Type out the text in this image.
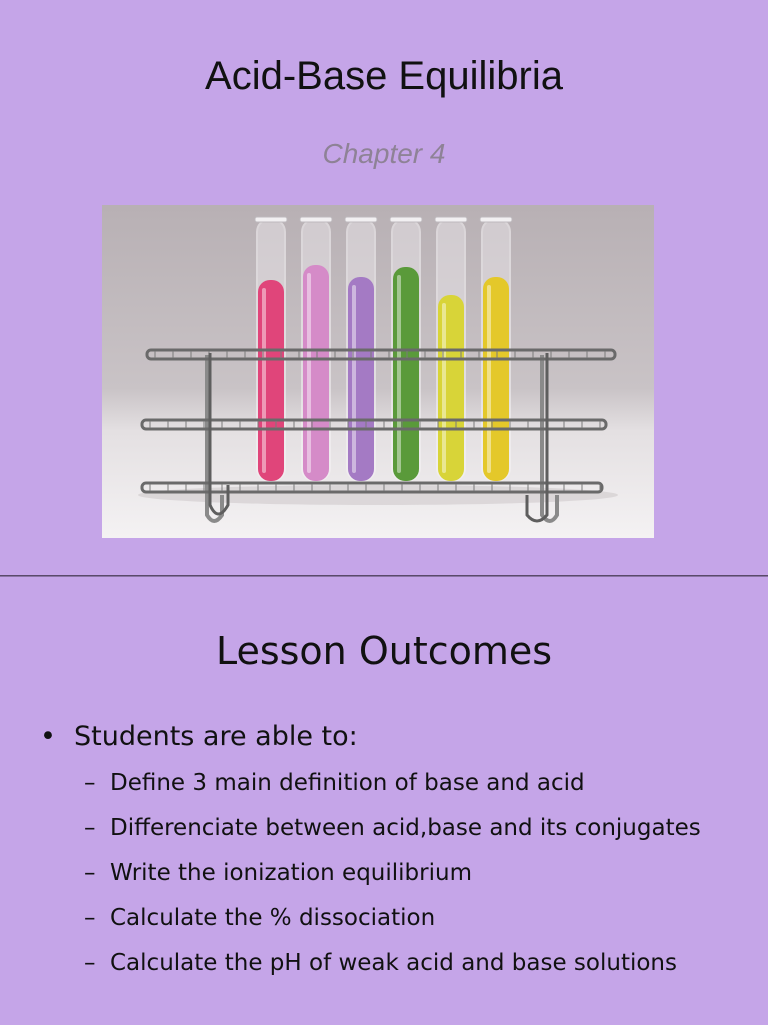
Acid-Base Equilibria
Chapter 4
Lesson Outcomes
• Students are able to:
– Define 3 main definition of base and acid
– Differenciate between acid,base and its conjugates
– Write the ionization equilibrium
– Calculate the % dissociation
– Calculate the pH of weak acid and base solutions
